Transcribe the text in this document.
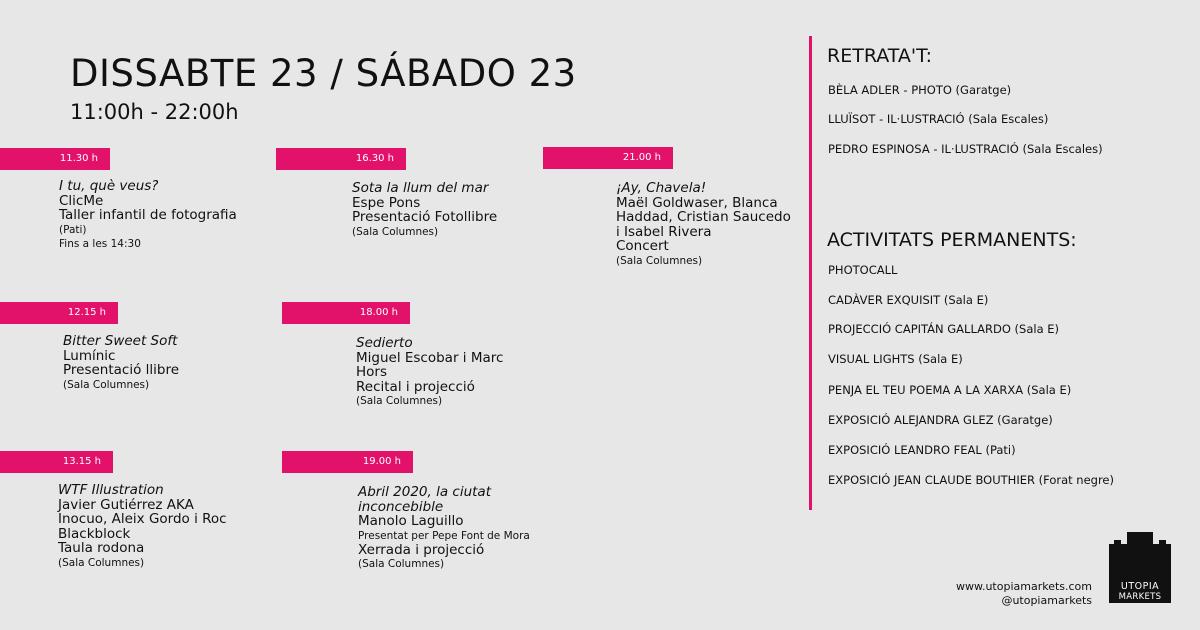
DISSABTE 23 / SÁBADO 23
11:00h - 22:00h
11.30 h	16.30 h	21.00 h
12.15 h	18.00 h
13.15 h	19.00 h
I tu, què veus?
ClicMe
Taller infantil de fotografia
(Pati)
Fins a les 14:30
Sota la llum del mar
Espe Pons
Presentació Fotollibre
(Sala Columnes)
¡Ay, Chavela!
Maël Goldwaser, Blanca
Haddad, Cristian Saucedo
i Isabel Rivera
Concert
(Sala Columnes)
Bitter Sweet Soft
Lumínic
Presentació llibre
(Sala Columnes)
Sedierto
Miguel Escobar i Marc
Hors
Recital i projecció
(Sala Columnes)
WTF Illustration
Javier Gutiérrez AKA
Inocuo, Aleix Gordo i Roc
Blackblock
Taula rodona
(Sala Columnes)
Abril 2020, la ciutat
inconcebible
Manolo Laguillo
Presentat per Pepe Font de Mora
Xerrada i projecció
(Sala Columnes)
RETRATA'T:
BÈLA ADLER - PHOTO (Garatge)
LLUÏSOT - IL·LUSTRACIÓ (Sala Escales)
PEDRO ESPINOSA - IL·LUSTRACIÓ (Sala Escales)
ACTIVITATS PERMANENTS:
PHOTOCALL
CADÀVER EXQUISIT (Sala E)
PROJECCIÓ CAPITÁN GALLARDO (Sala E)
VISUAL LIGHTS (Sala E)
PENJA EL TEU POEMA A LA XARXA (Sala E)
EXPOSICIÓ ALEJANDRA GLEZ (Garatge)
EXPOSICIÓ LEANDRO FEAL (Pati)
EXPOSICIÓ JEAN CLAUDE BOUTHIER (Forat negre)
www.utopiamarkets.com
@utopiamarkets
UTOPIA
MARKETS
